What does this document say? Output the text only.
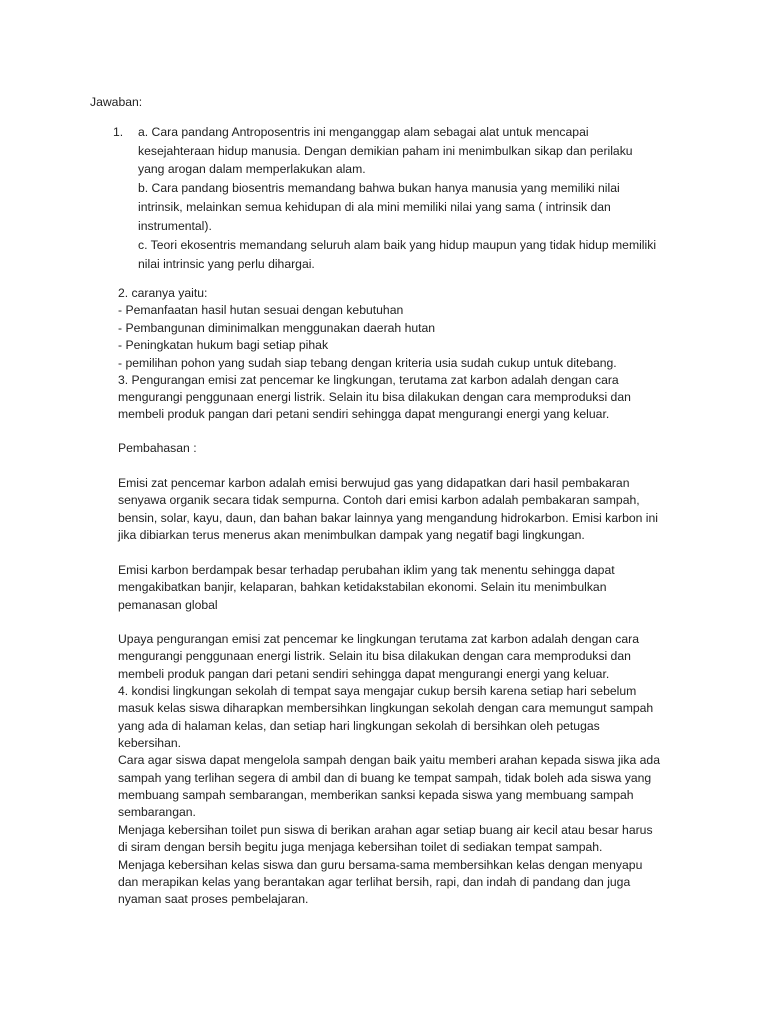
Jawaban:
1. a. Cara pandang Antroposentris ini menganggap alam sebagai alat untuk mencapai
kesejahteraan hidup manusia. Dengan demikian paham ini menimbulkan sikap dan perilaku
yang arogan dalam memperlakukan alam.
b. Cara pandang biosentris memandang bahwa bukan hanya manusia yang memiliki nilai
intrinsik, melainkan semua kehidupan di ala mini memiliki nilai yang sama ( intrinsik dan
instrumental).
c. Teori ekosentris memandang seluruh alam baik yang hidup maupun yang tidak hidup memiliki
nilai intrinsic yang perlu dihargai.
2. caranya yaitu:
- Pemanfaatan hasil hutan sesuai dengan kebutuhan
- Pembangunan diminimalkan menggunakan daerah hutan
- Peningkatan hukum bagi setiap pihak
- pemilihan pohon yang sudah siap tebang dengan kriteria usia sudah cukup untuk ditebang.
3. Pengurangan emisi zat pencemar ke lingkungan, terutama zat karbon adalah dengan cara
mengurangi penggunaan energi listrik. Selain itu bisa dilakukan dengan cara memproduksi dan
membeli produk pangan dari petani sendiri sehingga dapat mengurangi energi yang keluar.
Pembahasan :
Emisi zat pencemar karbon adalah emisi berwujud gas yang didapatkan dari hasil pembakaran
senyawa organik secara tidak sempurna. Contoh dari emisi karbon adalah pembakaran sampah,
bensin, solar, kayu, daun, dan bahan bakar lainnya yang mengandung hidrokarbon. Emisi karbon ini
jika dibiarkan terus menerus akan menimbulkan dampak yang negatif bagi lingkungan.
Emisi karbon berdampak besar terhadap perubahan iklim yang tak menentu sehingga dapat
mengakibatkan banjir, kelaparan, bahkan ketidakstabilan ekonomi. Selain itu menimbulkan
pemanasan global
Upaya pengurangan emisi zat pencemar ke lingkungan terutama zat karbon adalah dengan cara
mengurangi penggunaan energi listrik. Selain itu bisa dilakukan dengan cara memproduksi dan
membeli produk pangan dari petani sendiri sehingga dapat mengurangi energi yang keluar.
4. kondisi lingkungan sekolah di tempat saya mengajar cukup bersih karena setiap hari sebelum
masuk kelas siswa diharapkan membersihkan lingkungan sekolah dengan cara memungut sampah
yang ada di halaman kelas, dan setiap hari lingkungan sekolah di bersihkan oleh petugas
kebersihan.
Cara agar siswa dapat mengelola sampah dengan baik yaitu memberi arahan kepada siswa jika ada
sampah yang terlihan segera di ambil dan di buang ke tempat sampah, tidak boleh ada siswa yang
membuang sampah sembarangan, memberikan sanksi kepada siswa yang membuang sampah
sembarangan.
Menjaga kebersihan toilet pun siswa di berikan arahan agar setiap buang air kecil atau besar harus
di siram dengan bersih begitu juga menjaga kebersihan toilet di sediakan tempat sampah.
Menjaga kebersihan kelas siswa dan guru bersama-sama membersihkan kelas dengan menyapu
dan merapikan kelas yang berantakan agar terlihat bersih, rapi, dan indah di pandang dan juga
nyaman saat proses pembelajaran.
